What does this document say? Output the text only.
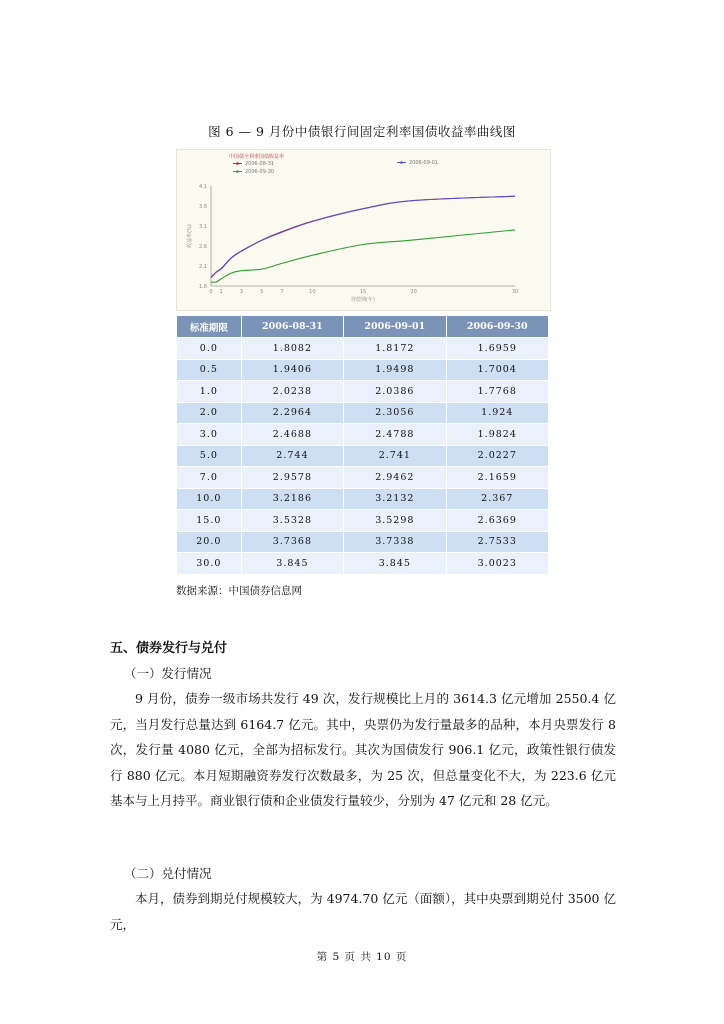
图 6 — 9 月份中债银行间固定利率国债收益率曲线图
1.6
2.1
2.6
3.1
3.6
4.1
0 1	3	5	7	10	15	20	30
待偿期(年)
收益率(%)
中国债全利率国债收益率
2006-08-31	2006-09-01
2006-09-30
标准期限	2006-08-31	2006-09-01	2006-09-30
0.0	1.8082	1.8172	1.6959
0.5	1.9406	1.9498	1.7004
1.0	2.0238	2.0386	1.7768
2.0	2.2964	2.3056	1.924
3.0	2.4688	2.4788	1.9824
5.0	2.744	2.741	2.0227
7.0	2.9578	2.9462	2.1659
10.0	3.2186	3.2132	2.367
15.0	3.5328	3.5298	2.6369
20.0	3.7368	3.7338	2.7533
30.0	3.845	3.845	3.0023
数据来源：中国债券信息网
五、债券发行与兑付
（一）发行情况

9 月份，债券一级市场共发行 49 次，发行规模比上月的 3614.3 亿元增加 2550.4 亿元，当月发行总量达到 6164.7 亿元。其中，央票仍为发行量最多的品种，本月央票发行 8 次，发行量 4080 亿元，全部为招标发行。其次为国债发行 906.1 亿元，政策性银行债发行 880 亿元。本月短期融资券发行次数最多，为 25 次，但总量变化不大，为 223.6 亿元基本与上月持平。商业银行债和企业债发行量较少，分别为 47 亿元和 28 亿元。

（二）兑付情况

本月，债券到期兑付规模较大，为 4974.70 亿元（面额），其中央票到期兑付 3500 亿元，

第 5 页 共 10 页
